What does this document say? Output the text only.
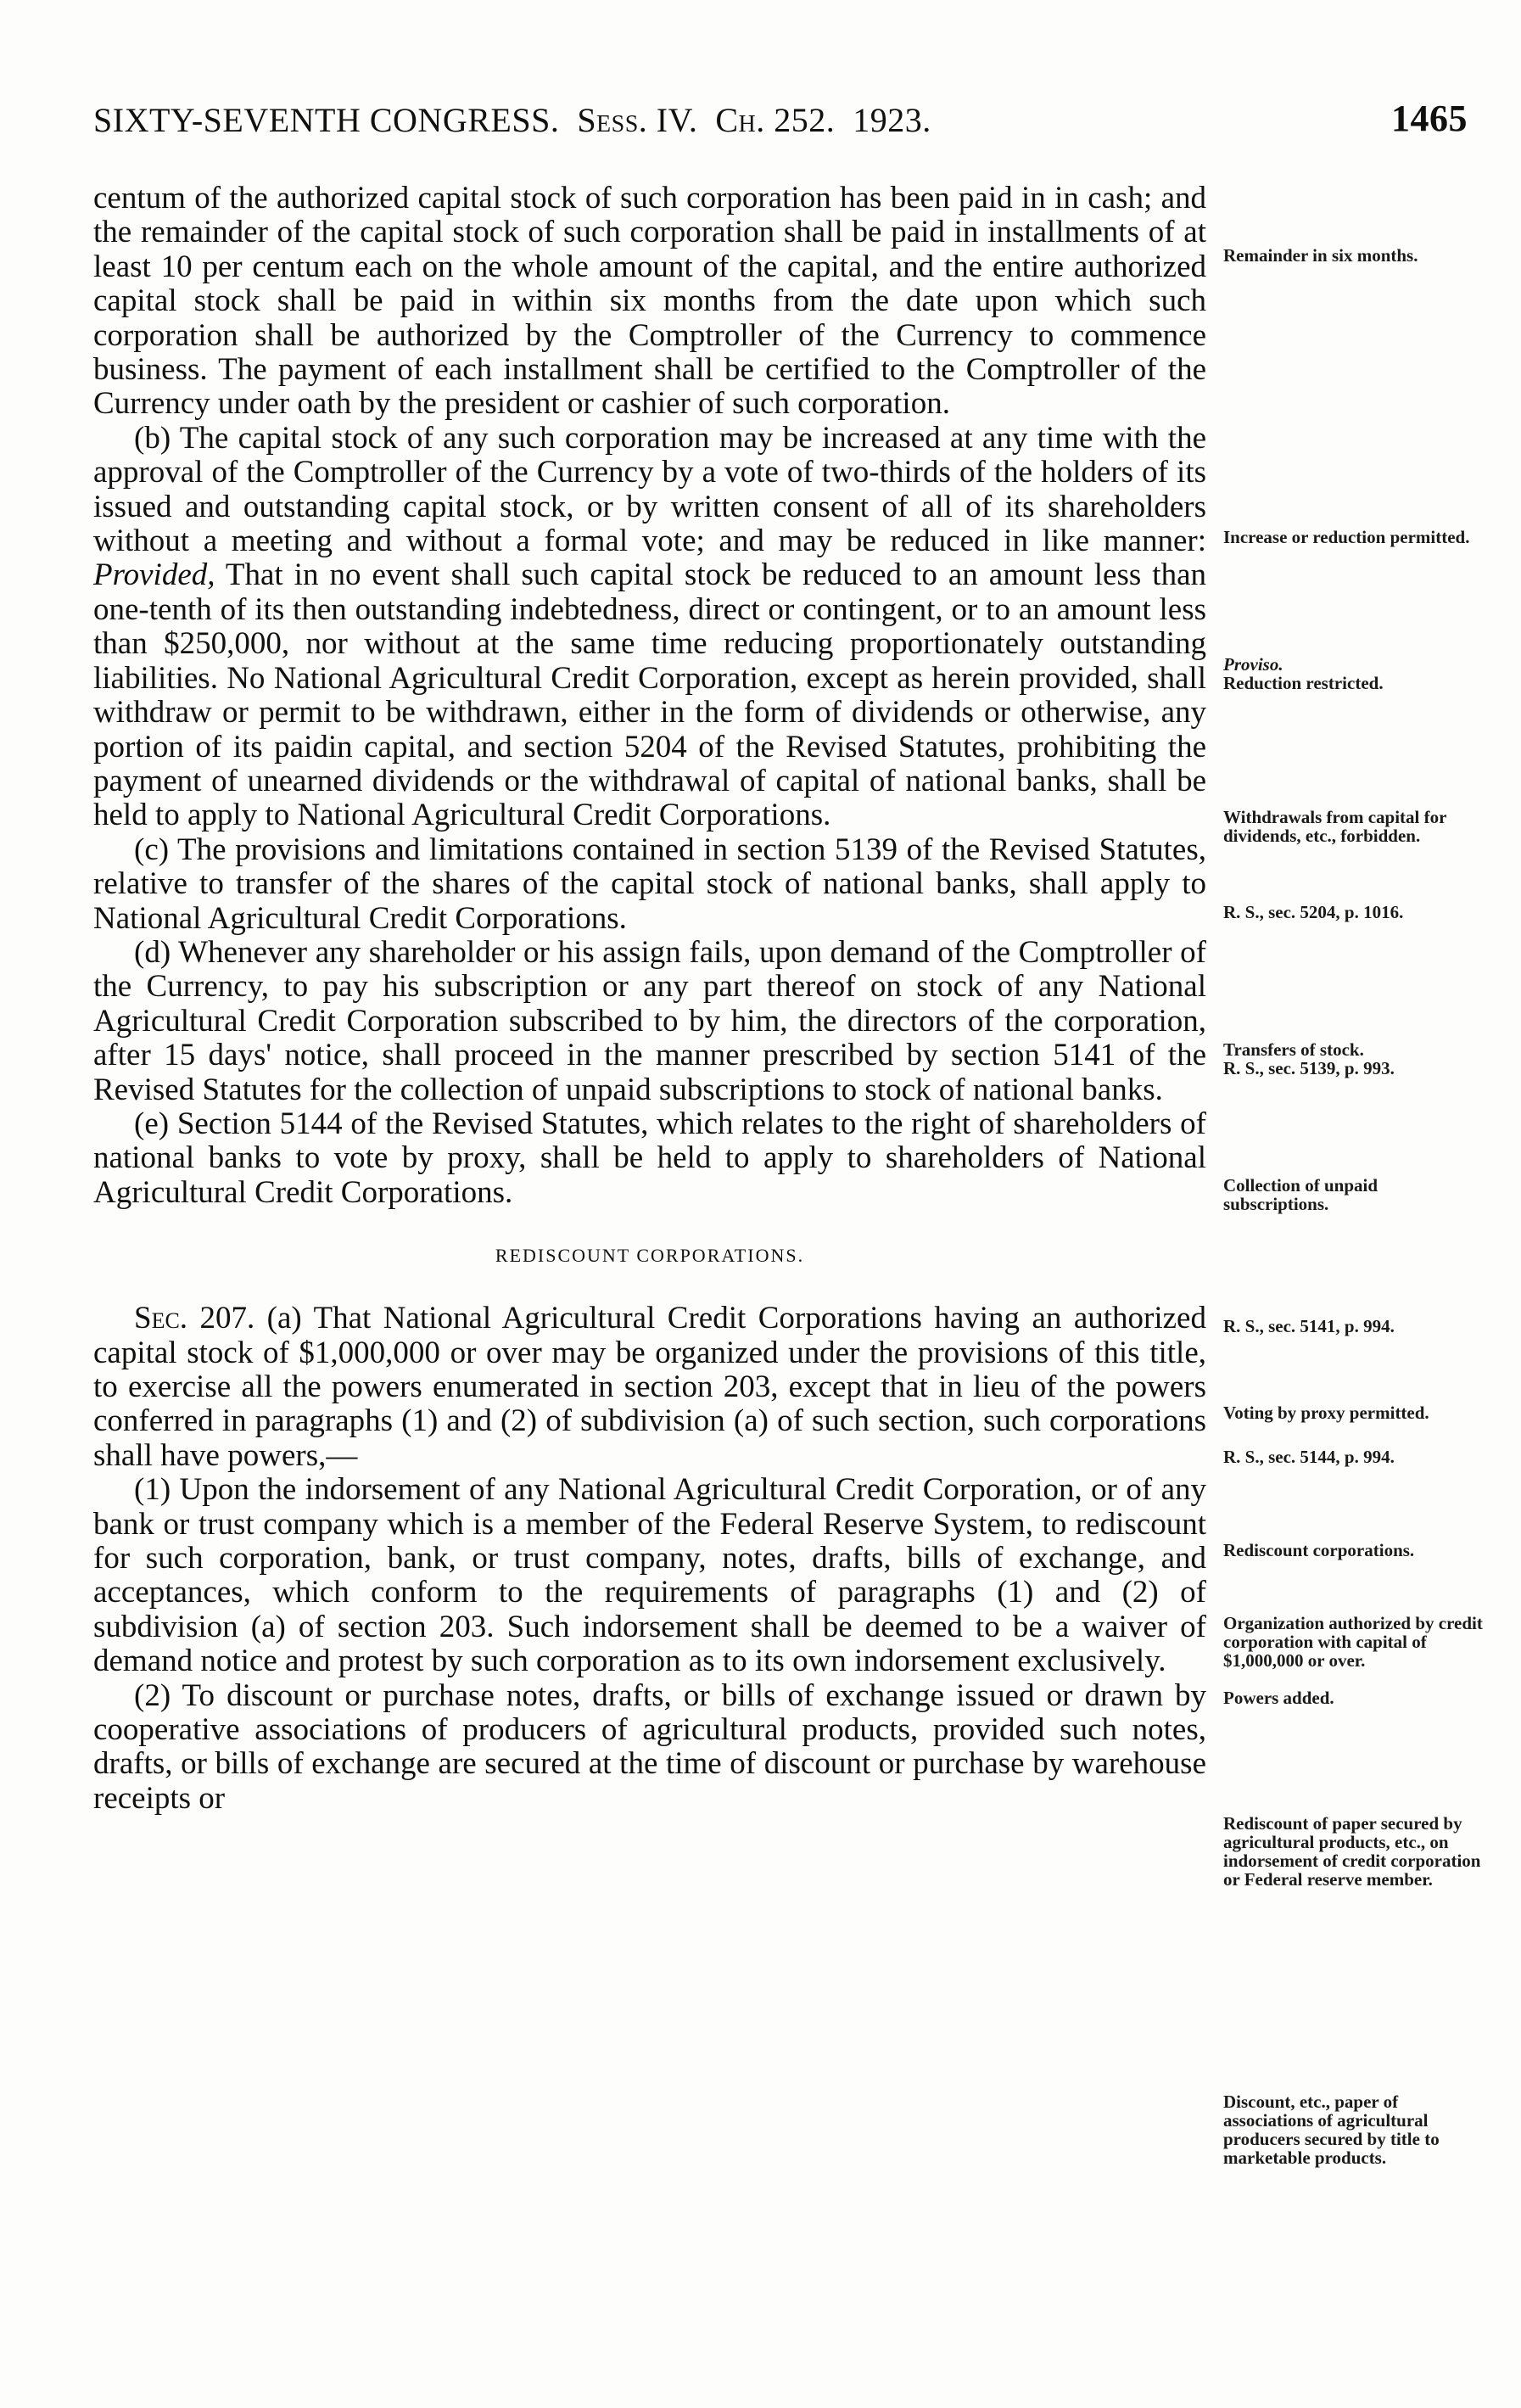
SIXTY-SEVENTH CONGRESS. Sess. IV. Ch. 252. 1923.	1465

centum of the authorized capital stock of such corporation has been paid in in cash; and the remainder of the capital stock of such corporation shall be paid in installments of at least 10 per centum each on the whole amount of the capital, and the entire authorized capital stock shall be paid in within six months from the date upon which such corporation shall be authorized by the Comptroller of the Currency to commence business. The payment of each installment shall be certified to the Comptroller of the Currency under oath by the president or cashier of such corporation.

(b) The capital stock of any such corporation may be increased at any time with the approval of the Comptroller of the Currency by a vote of two-thirds of the holders of its issued and outstanding capital stock, or by written consent of all of its shareholders without a meeting and without a formal vote; and may be reduced in like manner: Provided, That in no event shall such capital stock be reduced to an amount less than one-tenth of its then outstanding indebtedness, direct or contingent, or to an amount less than $250,000, nor without at the same time reducing proportionately outstanding liabilities. No National Agricultural Credit Corporation, except as herein provided, shall withdraw or permit to be withdrawn, either in the form of dividends or otherwise, any portion of its paidin capital, and section 5204 of the Revised Statutes, prohibiting the payment of unearned dividends or the withdrawal of capital of national banks, shall be held to apply to National Agricultural Credit Corporations.

(c) The provisions and limitations contained in section 5139 of the Revised Statutes, relative to transfer of the shares of the capital stock of national banks, shall apply to National Agricultural Credit Corporations.

(d) Whenever any shareholder or his assign fails, upon demand of the Comptroller of the Currency, to pay his subscription or any part thereof on stock of any National Agricultural Credit Corporation subscribed to by him, the directors of the corporation, after 15 days' notice, shall proceed in the manner prescribed by section 5141 of the Revised Statutes for the collection of unpaid subscriptions to stock of national banks.

(e) Section 5144 of the Revised Statutes, which relates to the right of shareholders of national banks to vote by proxy, shall be held to apply to shareholders of National Agricultural Credit Corporations.

REDISCOUNT CORPORATIONS.

Sec. 207. (a) That National Agricultural Credit Corporations having an authorized capital stock of $1,000,000 or over may be organized under the provisions of this title, to exercise all the powers enumerated in section 203, except that in lieu of the powers conferred in paragraphs (1) and (2) of subdivision (a) of such section, such corporations shall have powers,—

(1) Upon the indorsement of any National Agricultural Credit Corporation, or of any bank or trust company which is a member of the Federal Reserve System, to rediscount for such corporation, bank, or trust company, notes, drafts, bills of exchange, and acceptances, which conform to the requirements of paragraphs (1) and (2) of subdivision (a) of section 203. Such indorsement shall be deemed to be a waiver of demand notice and protest by such corporation as to its own indorsement exclusively.

(2) To discount or purchase notes, drafts, or bills of exchange issued or drawn by cooperative associations of producers of agricultural products, provided such notes, drafts, or bills of exchange are secured at the time of discount or purchase by warehouse receipts or

Remainder in six months.
Increase or reduction permitted.
Proviso.
Reduction restricted.
Withdrawals from capital for dividends, etc., forbidden.
R. S., sec. 5204, p. 1016.
Transfers of stock.
R. S., sec. 5139, p. 993.
Collection of unpaid subscriptions.
R. S., sec. 5141, p. 994.
Voting by proxy permitted.
R. S., sec. 5144, p. 994.
Rediscount corporations.
Organization authorized by credit corporation with capital of $1,000,000 or over.
Powers added.
Rediscount of paper secured by agricultural products, etc., on indorsement of credit corporation or Federal reserve member.
Discount, etc., paper of associations of agricultural producers secured by title to marketable products.
